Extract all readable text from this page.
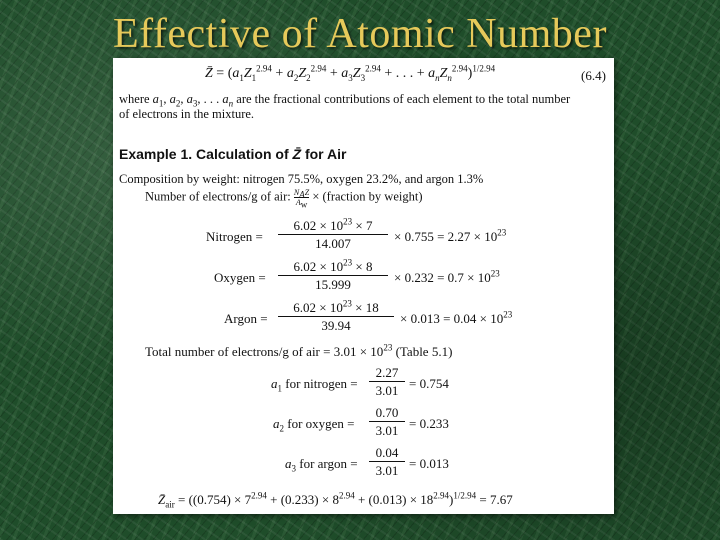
Effective of Atomic Number
Z̄ = ($a_1Z_1^{2.94} + a_2Z_2^{2.94} + a_3Z_3^{2.94}$ + . . . + $a_nZ_n^{2.94})^{1/2.94}$	(6.4)
where $a_1$, $a_2$, $a_3$, . . . $a_n$ are the fractional contributions of each element to the total number
of electrons in the mixture.
Example 1. Calculation of Z̄ for Air
Composition by weight: nitrogen 75.5%, oxygen 23.2%, and argon 1.3%
Number of electrons/g of air: $N_AZ$
$A_w$
× (fraction by weight)
Nitrogen = $\frac{6.02 \times 10^{23} \times 7}{14.007} \times 0.755 = 2.27 \times 10^{23}$
Oxygen = $\frac{6.02 \times 10^{23} \times 8}{15.999} \times 0.232 = 0.7 \times 10^{23}$
Argon = $\frac{6.02 \times 10^{23} \times 18}{39.94} \times 0.013 = 0.04 \times 10^{23}$
Total number of electrons/g of air = $3.01 \times 10^{23}$ (Table 5.1)
$a_1$ for nitrogen = $\frac{2.27}{3.01} = 0.754$
$a_2$ for oxygen = $\frac{0.70}{3.01} = 0.233$
$a_3$ for argon = $\frac{0.04}{3.01} = 0.013$
$Z̄_{air} = ((0.754) \times 7^{2.94} + (0.233) \times 8^{2.94} + (0.013) \times 18^{2.94})^{1/2.94} = 7.67$
